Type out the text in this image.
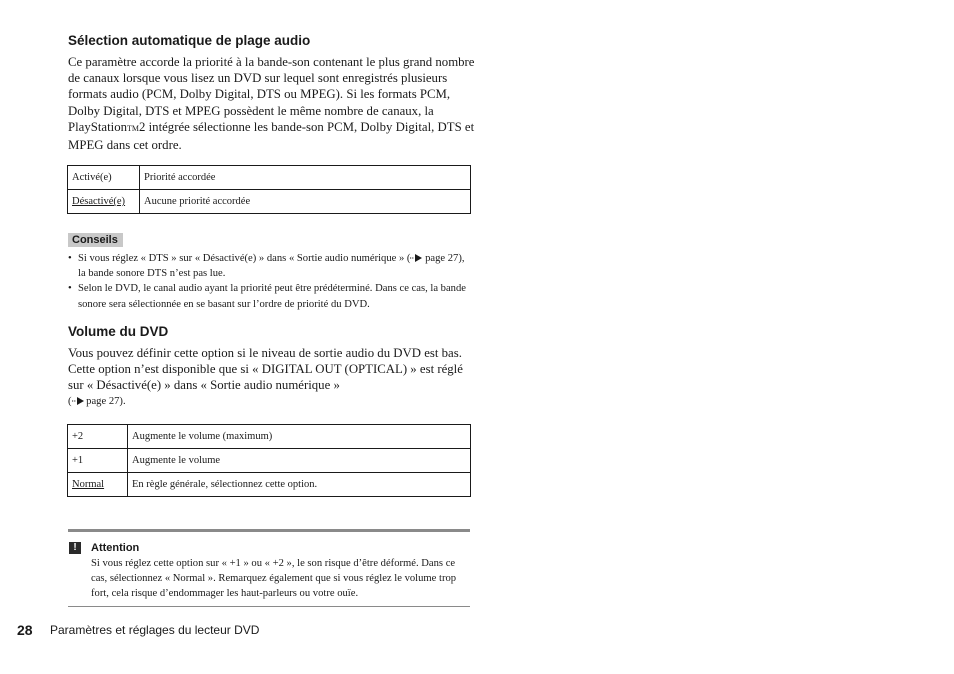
Sélection automatique de plage audio
Ce paramètre accorde la priorité à la bande-son contenant le plus grand nombre de canaux lorsque vous lisez un DVD sur lequel sont enregistrés plusieurs formats audio (PCM, Dolby Digital, DTS ou MPEG). Si les formats PCM, Dolby Digital, DTS et MPEG possèdent le même nombre de canaux, la PlayStationTM2 intégrée sélectionne les bande-son PCM, Dolby Digital, DTS et MPEG dans cet ordre.
Activé(e)	Priorité accordée
Désactivé(e)	Aucune priorité accordée
Conseils
• Si vous réglez « DTS » sur « Désactivé(e) » dans « Sortie audio numérique » ( page 27), la bande sonore DTS n’est pas lue.
• Selon le DVD, le canal audio ayant la priorité peut être prédéterminé. Dans ce cas, la bande sonore sera sélectionnée en se basant sur l’ordre de priorité du DVD.
Volume du DVD
Vous pouvez définir cette option si le niveau de sortie audio du DVD est bas. Cette option n’est disponible que si « DIGITAL OUT (OPTICAL) » est réglé sur « Désactivé(e) » dans « Sortie audio numérique »
( page 27).
+2	Augmente le volume (maximum)
+1	Augmente le volume
Normal	En règle générale, sélectionnez cette option.
!	Attention
Si vous réglez cette option sur « +1 » ou « +2 », le son risque d’être déformé. Dans ce cas, sélectionnez « Normal ». Remarquez également que si vous réglez le volume trop fort, cela risque d’endommager les haut-parleurs ou votre ouïe.
28 Paramètres et réglages du lecteur DVD
